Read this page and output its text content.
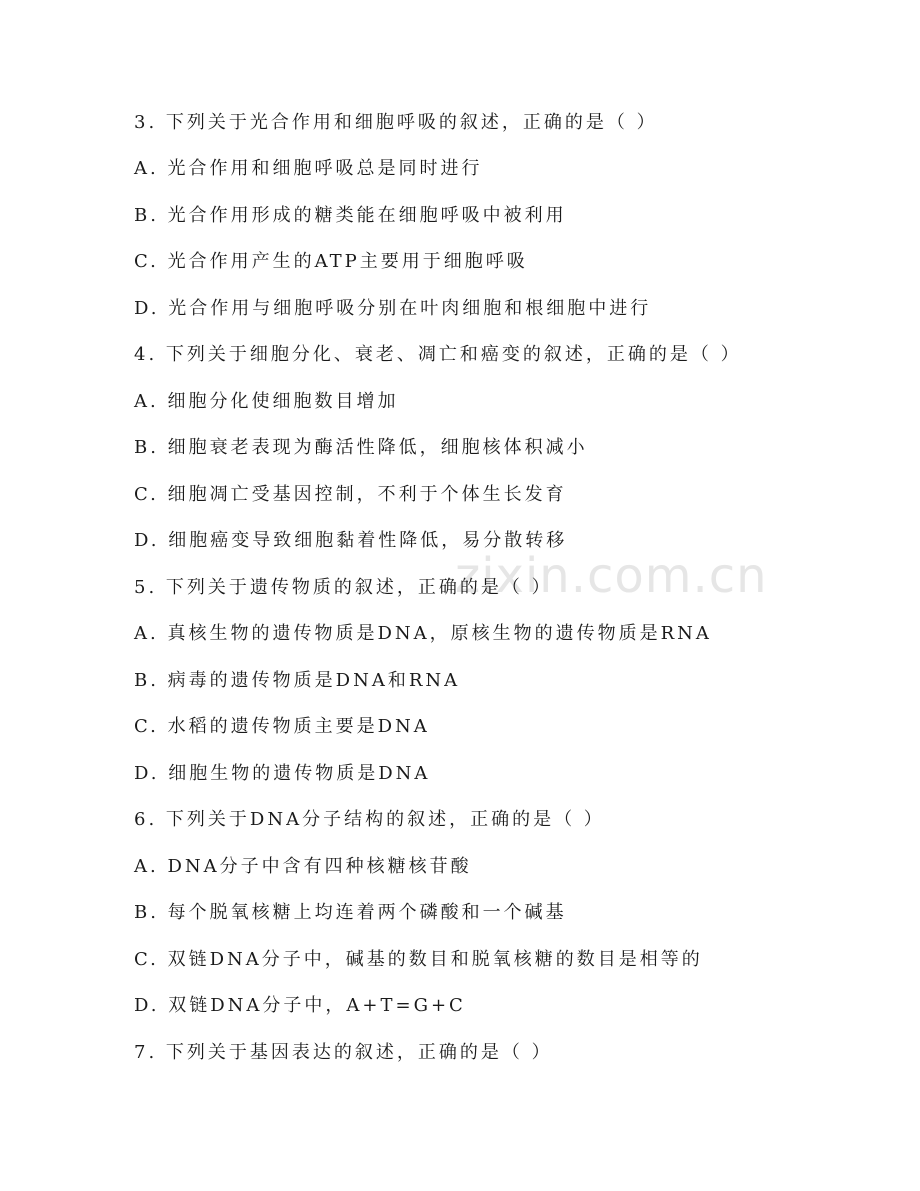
zixin.com.cn
3. 下列关于光合作用和细胞呼吸的叙述，正确的是（ ）
A. 光合作用和细胞呼吸总是同时进行
B. 光合作用形成的糖类能在细胞呼吸中被利用
C. 光合作用产生的ATP主要用于细胞呼吸
D. 光合作用与细胞呼吸分别在叶肉细胞和根细胞中进行
4. 下列关于细胞分化、衰老、凋亡和癌变的叙述，正确的是（ ）
A. 细胞分化使细胞数目增加
B. 细胞衰老表现为酶活性降低，细胞核体积减小
C. 细胞凋亡受基因控制，不利于个体生长发育
D. 细胞癌变导致细胞黏着性降低，易分散转移
5. 下列关于遗传物质的叙述，正确的是（ ）
A. 真核生物的遗传物质是DNA，原核生物的遗传物质是RNA
B. 病毒的遗传物质是DNA和RNA
C. 水稻的遗传物质主要是DNA
D. 细胞生物的遗传物质是DNA
6. 下列关于DNA分子结构的叙述，正确的是（ ）
A. DNA分子中含有四种核糖核苷酸
B. 每个脱氧核糖上均连着两个磷酸和一个碱基
C. 双链DNA分子中，碱基的数目和脱氧核糖的数目是相等的
D. 双链DNA分子中，A+T=G+C
7. 下列关于基因表达的叙述，正确的是（ ）
